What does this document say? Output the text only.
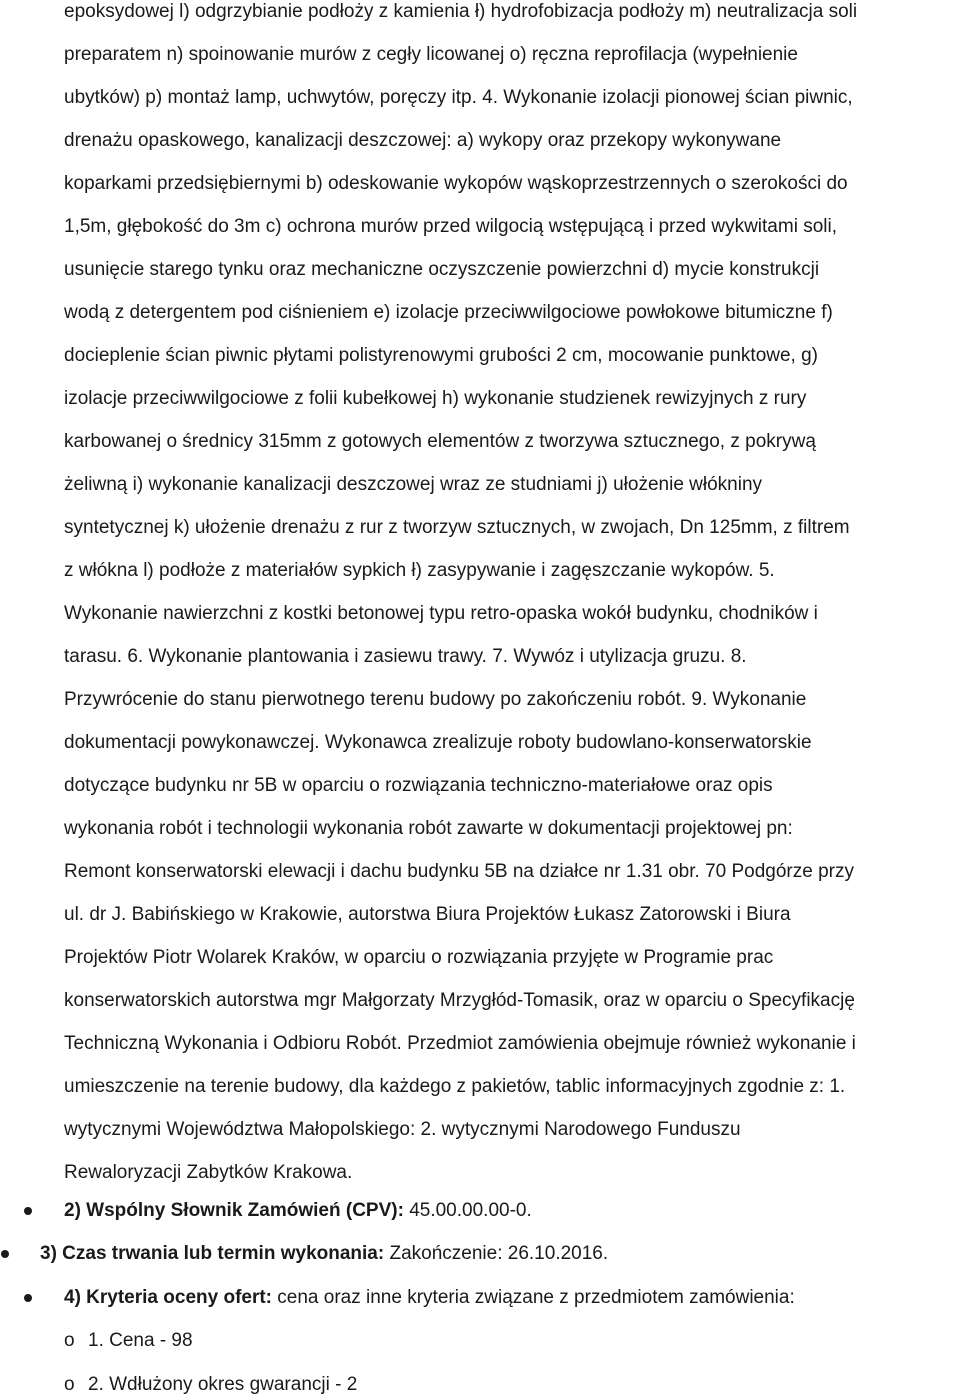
epoksydowej l) odgrzybianie podłoży z kamienia ł) hydrofobizacja podłoży m) neutralizacja soli
preparatem n) spoinowanie murów z cegły licowanej o) ręczna reprofilacja (wypełnienie
ubytków) p) montaż lamp, uchwytów, poręczy itp. 4. Wykonanie izolacji pionowej ścian piwnic,
drenażu opaskowego, kanalizacji deszczowej: a) wykopy oraz przekopy wykonywane
koparkami przedsiębiernymi b) odeskowanie wykopów wąskoprzestrzennych o szerokości do
1,5m, głębokość do 3m c) ochrona murów przed wilgocią wstępującą i przed wykwitami soli,
usunięcie starego tynku oraz mechaniczne oczyszczenie powierzchni d) mycie konstrukcji
wodą z detergentem pod ciśnieniem e) izolacje przeciwwilgociowe powłokowe bitumiczne f)
docieplenie ścian piwnic płytami polistyrenowymi grubości 2 cm, mocowanie punktowe, g)
izolacje przeciwwilgociowe z folii kubełkowej h) wykonanie studzienek rewizyjnych z rury
karbowanej o średnicy 315mm z gotowych elementów z tworzywa sztucznego, z pokrywą
żeliwną i) wykonanie kanalizacji deszczowej wraz ze studniami j) ułożenie włókniny
syntetycznej k) ułożenie drenażu z rur z tworzyw sztucznych, w zwojach, Dn 125mm, z filtrem
z włókna l) podłoże z materiałów sypkich ł) zasypywanie i zagęszczanie wykopów. 5.
Wykonanie nawierzchni z kostki betonowej typu retro-opaska wokół budynku, chodników i
tarasu. 6. Wykonanie plantowania i zasiewu trawy. 7. Wywóz i utylizacja gruzu. 8.
Przywrócenie do stanu pierwotnego terenu budowy po zakończeniu robót. 9. Wykonanie
dokumentacji powykonawczej. Wykonawca zrealizuje roboty budowlano-konserwatorskie
dotyczące budynku nr 5B w oparciu o rozwiązania techniczno-materiałowe oraz opis
wykonania robót i technologii wykonania robót zawarte w dokumentacji projektowej pn:
Remont konserwatorski elewacji i dachu budynku 5B na działce nr 1.31 obr. 70 Podgórze przy
ul. dr J. Babińskiego w Krakowie, autorstwa Biura Projektów Łukasz Zatorowski i Biura
Projektów Piotr Wolarek Kraków, w oparciu o rozwiązania przyjęte w Programie prac
konserwatorskich autorstwa mgr Małgorzaty Mrzygłód-Tomasik, oraz w oparciu o Specyfikację
Techniczną Wykonania i Odbioru Robót. Przedmiot zamówienia obejmuje również wykonanie i
umieszczenie na terenie budowy, dla każdego z pakietów, tablic informacyjnych zgodnie z: 1.
wytycznymi Województwa Małopolskiego: 2. wytycznymi Narodowego Funduszu
Rewaloryzacji Zabytków Krakowa.
2) Wspólny Słownik Zamówień (CPV): 45.00.00.00-0.
3) Czas trwania lub termin wykonania: Zakończenie: 26.10.2016.
4) Kryteria oceny ofert: cena oraz inne kryteria związane z przedmiotem zamówienia:
o 1. Cena - 98
o 2. Wdłużony okres gwarancji - 2
